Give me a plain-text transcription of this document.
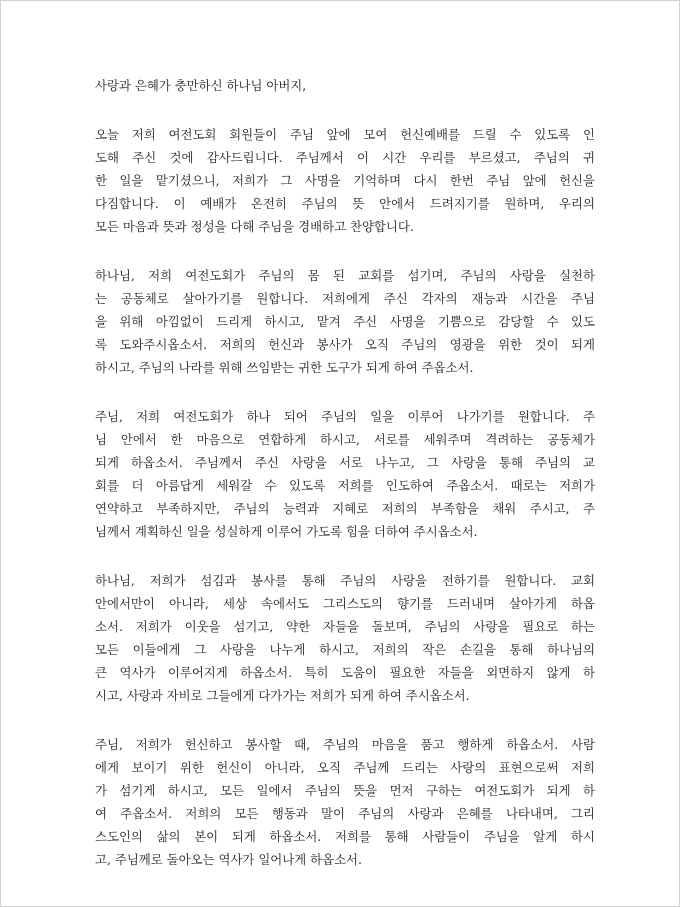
사랑과 은혜가 충만하신 하나님 아버지,
오늘 저희 여전도회 회원들이 주님 앞에 모여 헌신예배를 드릴 수 있도록 인
도해 주신 것에 감사드립니다. 주님께서 이 시간 우리를 부르셨고, 주님의 귀
한 일을 맡기셨으니, 저희가 그 사명을 기억하며 다시 한번 주님 앞에 헌신을
다짐합니다. 이 예배가 온전히 주님의 뜻 안에서 드려지기를 원하며, 우리의
모든 마음과 뜻과 정성을 다해 주님을 경배하고 찬양합니다.
하나님, 저희 여전도회가 주님의 몸 된 교회를 섬기며, 주님의 사랑을 실천하
는 공동체로 살아가기를 원합니다. 저희에게 주신 각자의 재능과 시간을 주님
을 위해 아낌없이 드리게 하시고, 맡겨 주신 사명을 기쁨으로 감당할 수 있도
록 도와주시옵소서. 저희의 헌신과 봉사가 오직 주님의 영광을 위한 것이 되게
하시고, 주님의 나라를 위해 쓰임받는 귀한 도구가 되게 하여 주옵소서.
주님, 저희 여전도회가 하나 되어 주님의 일을 이루어 나가기를 원합니다. 주
님 안에서 한 마음으로 연합하게 하시고, 서로를 세워주며 격려하는 공동체가
되게 하옵소서. 주님께서 주신 사랑을 서로 나누고, 그 사랑을 통해 주님의 교
회를 더 아름답게 세워갈 수 있도록 저희를 인도하여 주옵소서. 때로는 저희가
연약하고 부족하지만, 주님의 능력과 지혜로 저희의 부족함을 채워 주시고, 주
님께서 계획하신 일을 성실하게 이루어 가도록 힘을 더하여 주시옵소서.
하나님, 저희가 섬김과 봉사를 통해 주님의 사랑을 전하기를 원합니다. 교회
안에서만이 아니라, 세상 속에서도 그리스도의 향기를 드러내며 살아가게 하옵
소서. 저희가 이웃을 섬기고, 약한 자들을 돌보며, 주님의 사랑을 필요로 하는
모든 이들에게 그 사랑을 나누게 하시고, 저희의 작은 손길을 통해 하나님의
큰 역사가 이루어지게 하옵소서. 특히 도움이 필요한 자들을 외면하지 않게 하
시고, 사랑과 자비로 그들에게 다가가는 저희가 되게 하여 주시옵소서.
주님, 저희가 헌신하고 봉사할 때, 주님의 마음을 품고 행하게 하옵소서. 사람
에게 보이기 위한 헌신이 아니라, 오직 주님께 드리는 사랑의 표현으로써 저희
가 섬기게 하시고, 모든 일에서 주님의 뜻을 먼저 구하는 여전도회가 되게 하
여 주옵소서. 저희의 모든 행동과 말이 주님의 사랑과 은혜를 나타내며, 그리
스도인의 삶의 본이 되게 하옵소서. 저희를 통해 사람들이 주님을 알게 하시
고, 주님께로 돌아오는 역사가 일어나게 하옵소서.
